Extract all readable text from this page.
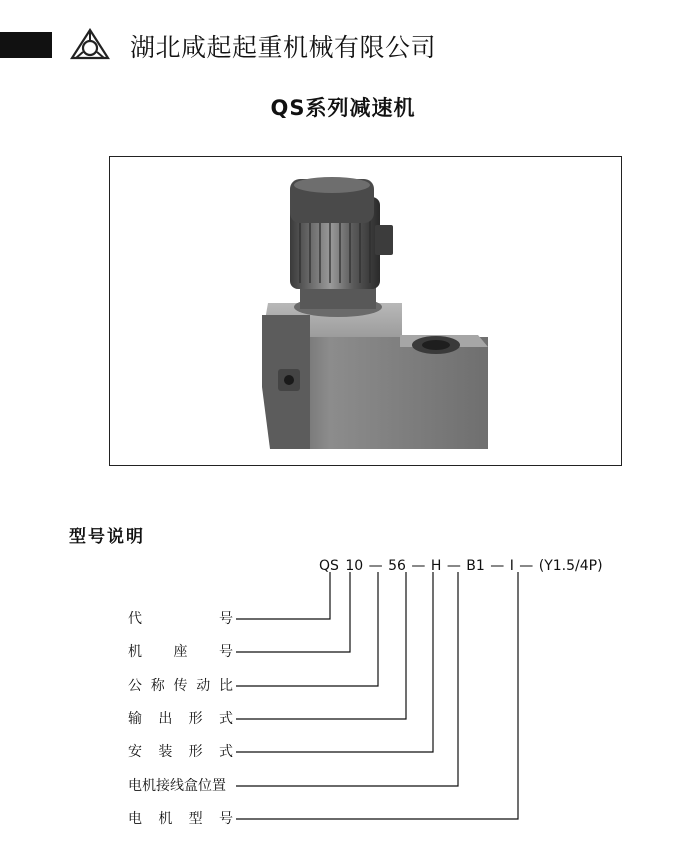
湖北咸起起重机械有限公司
QS系列减速机
型号说明
QS 10 — 56 — H — B1 — I — (Y1.5/4P)
代	号
机 座 号
公 称 传 动 比
输 出 形 式
安 装 形 式
电机接线盒位置
电 机 型 号
